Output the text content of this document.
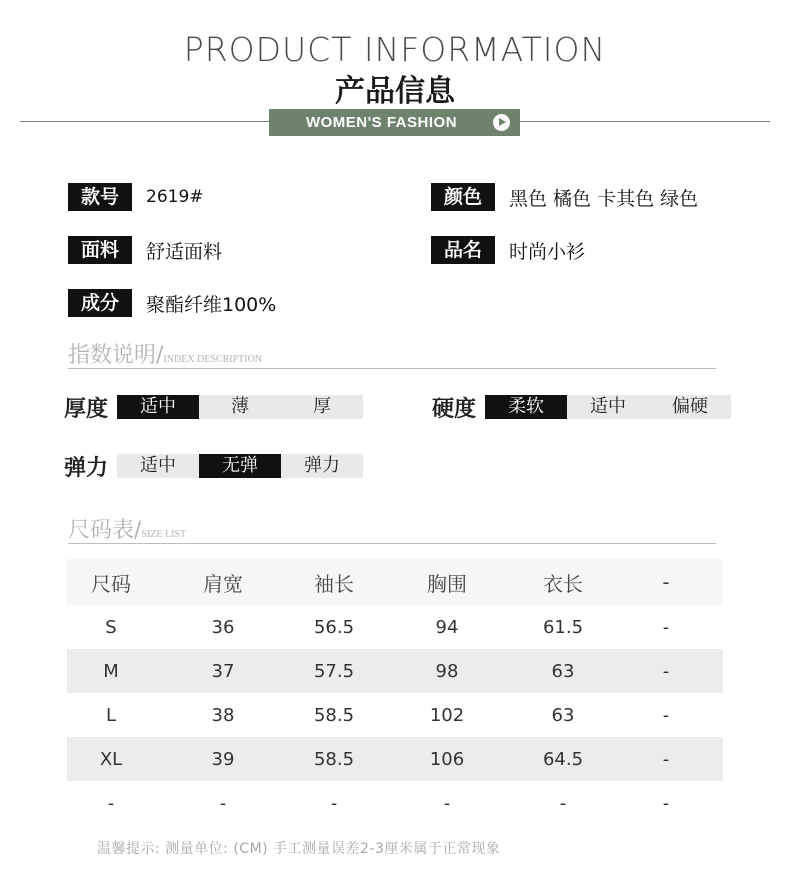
PRODUCT INFORMATION
产品信息
WOMEN'S FASHION
款号	2619#	颜色	黑色 橘色 卡其色 绿色
面料	舒适面料	品名	时尚小衫
成分	聚酯纤维100%
指数说明/INDEX DESCRIPTION
厚度	适中	薄	厚	硬度	柔软	适中	偏硬
弹力	适中	无弹	弹力
尺码表/SIZE LIST
尺码	肩宽	袖长	胸围	衣长	-
S	36	56.5	94	61.5	-
M	37	57.5	98	63	-
L	38	58.5	102	63	-
XL	39	58.5	106	64.5	-
-	-	-	-	-	-
温馨提示: 测量单位: (CM) 手工测量误差2-3厘米属于正常现象
